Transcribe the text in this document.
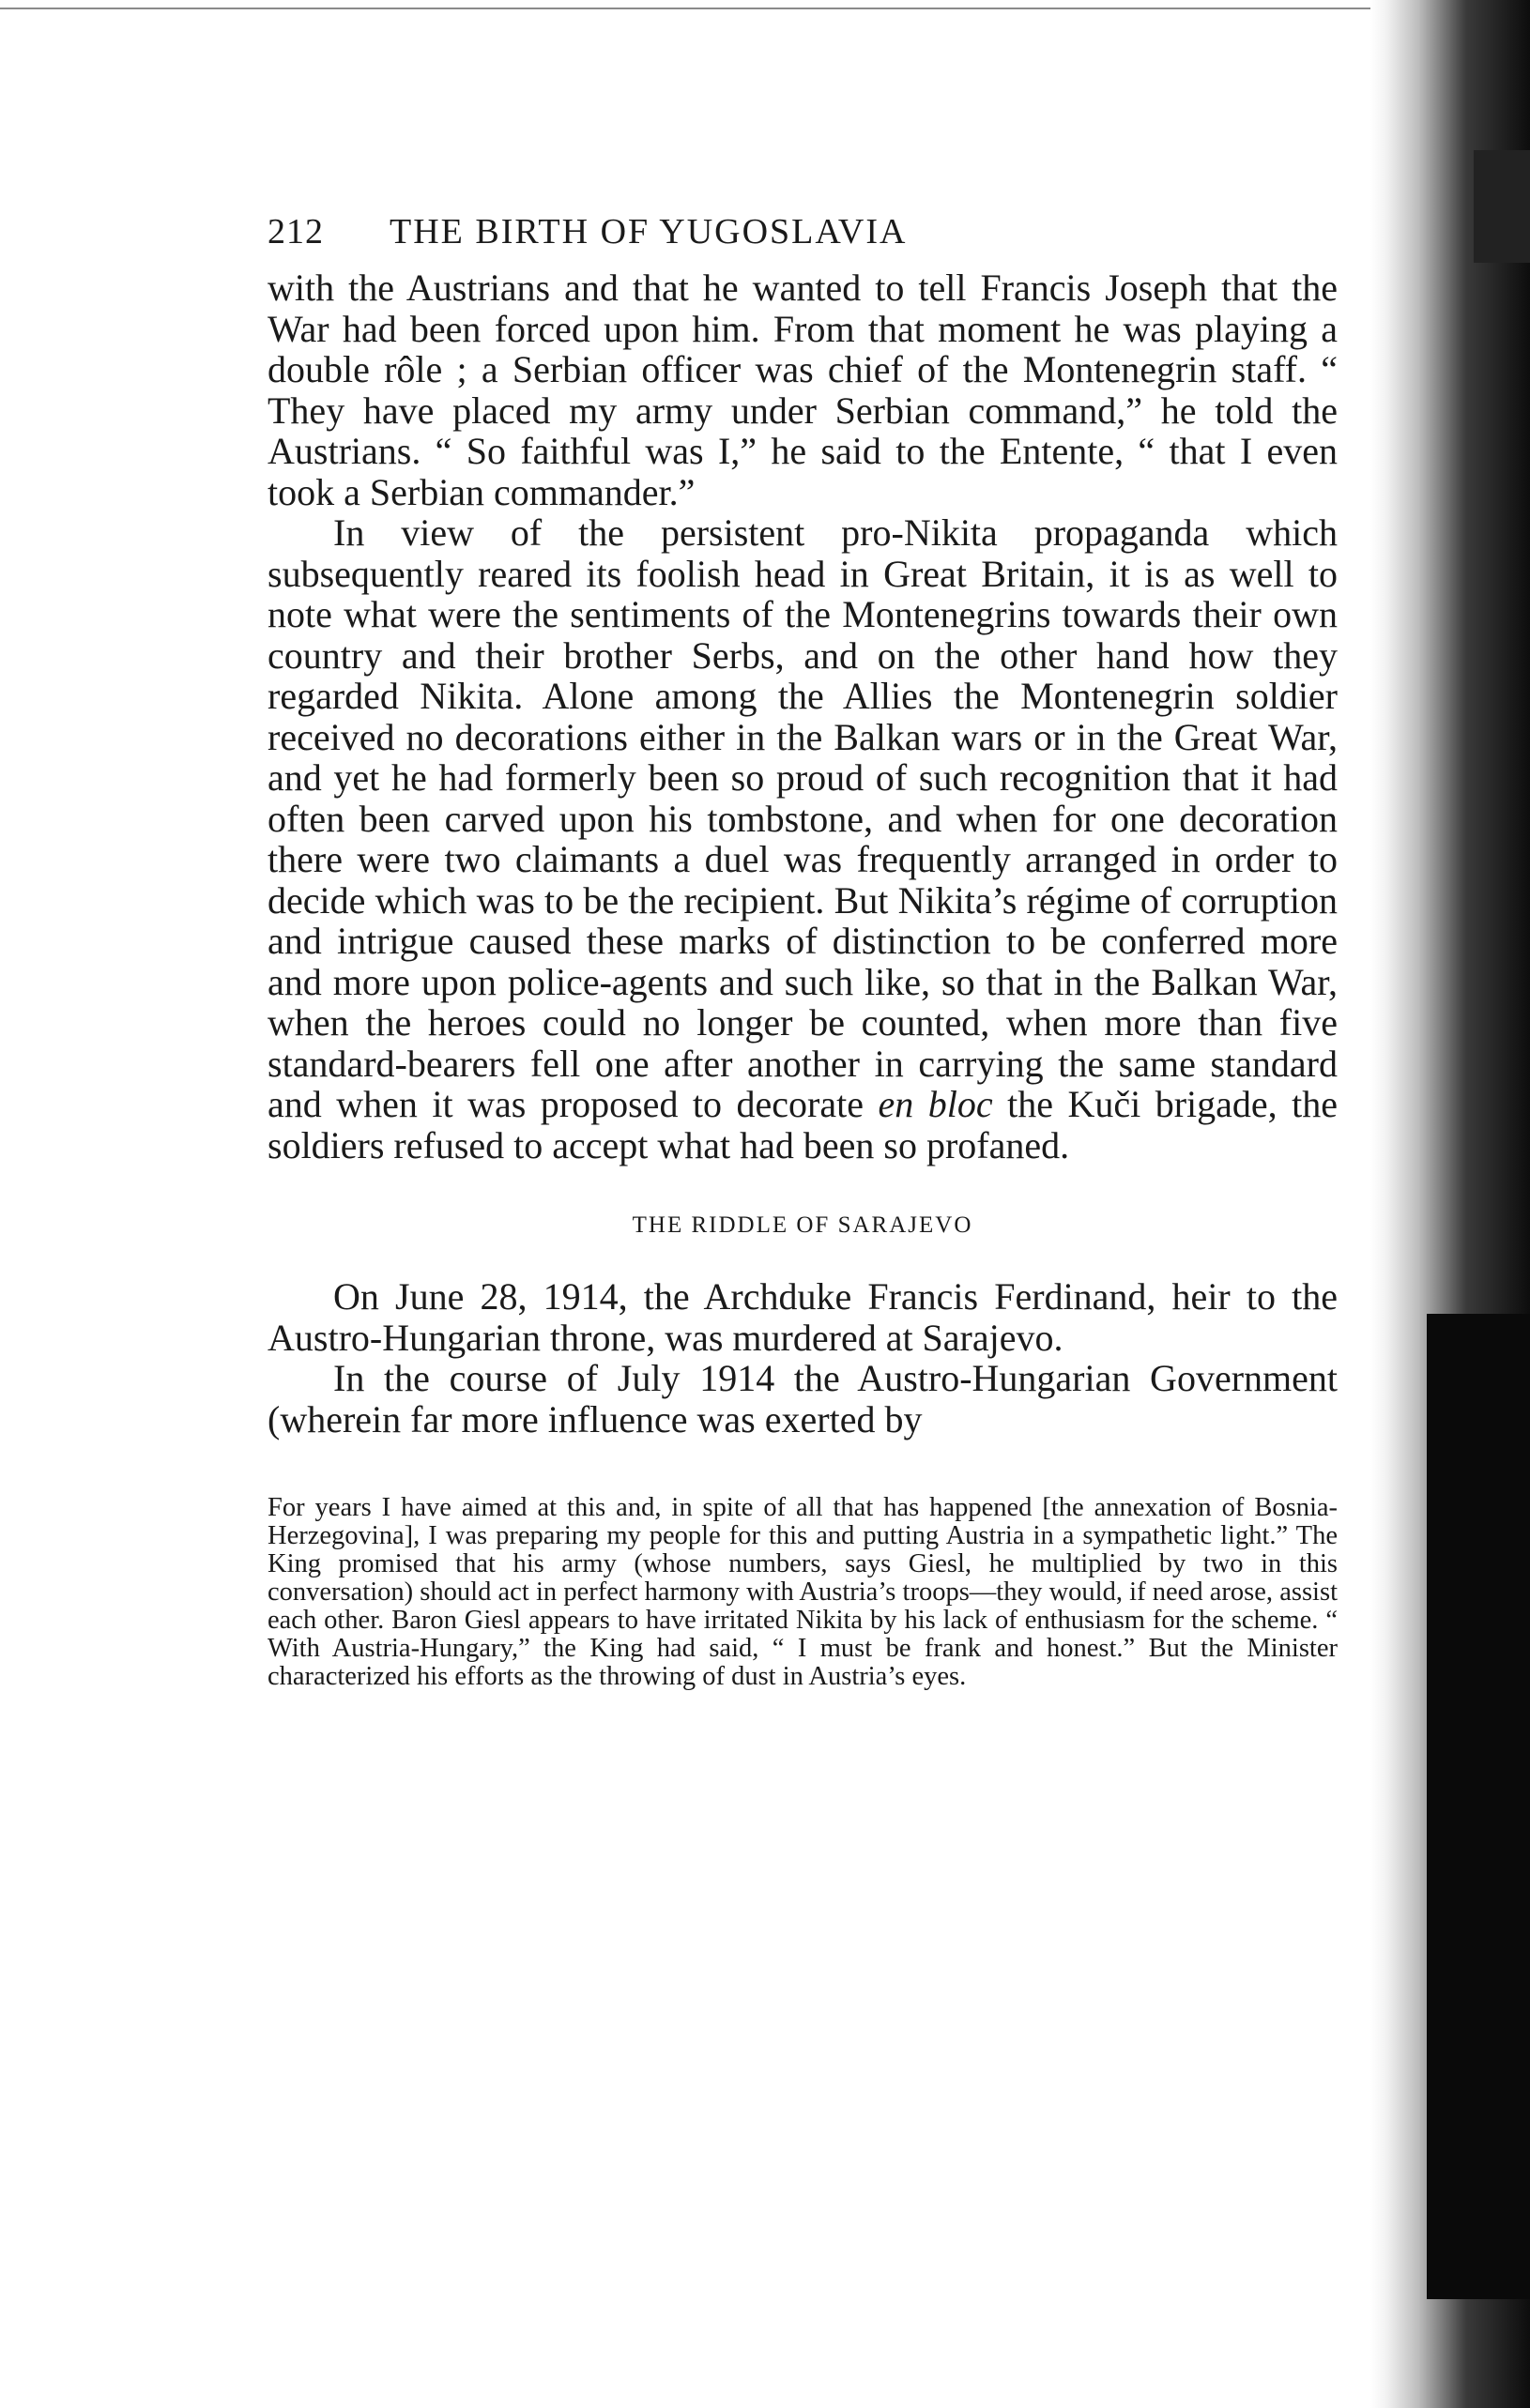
212	THE BIRTH OF YUGOSLAVIA

with the Austrians and that he wanted to tell Francis Joseph that the War had been forced upon him. From that moment he was playing a double rôle ; a Serbian officer was chief of the Montenegrin staff. “ They have placed my army under Serbian command,” he told the Austrians. “ So faithful was I,” he said to the Entente, “ that I even took a Serbian commander.”

In view of the persistent pro-Nikita propaganda which subsequently reared its foolish head in Great Britain, it is as well to note what were the sentiments of the Montenegrins towards their own country and their brother Serbs, and on the other hand how they regarded Nikita. Alone among the Allies the Montenegrin soldier received no decorations either in the Balkan wars or in the Great War, and yet he had formerly been so proud of such recognition that it had often been carved upon his tombstone, and when for one decoration there were two claimants a duel was frequently arranged in order to decide which was to be the recipient. But Nikita’s régime of corruption and intrigue caused these marks of distinction to be conferred more and more upon police-agents and such like, so that in the Balkan War, when the heroes could no longer be counted, when more than five standard-bearers fell one after another in carrying the same standard and when it was proposed to decorate en bloc the Kuči brigade, the soldiers refused to accept what had been so profaned.

THE RIDDLE OF SARAJEVO

On June 28, 1914, the Archduke Francis Ferdinand, heir to the Austro-Hungarian throne, was murdered at Sarajevo.

In the course of July 1914 the Austro-Hungarian Government (wherein far more influence was exerted by

For years I have aimed at this and, in spite of all that has happened [the annexation of Bosnia-Herzegovina], I was preparing my people for this and putting Austria in a sympathetic light.” The King promised that his army (whose numbers, says Giesl, he multiplied by two in this conversation) should act in perfect harmony with Austria’s troops—they would, if need arose, assist each other. Baron Giesl appears to have irritated Nikita by his lack of enthusiasm for the scheme. “ With Austria-Hungary,” the King had said, “ I must be frank and honest.” But the Minister characterized his efforts as the throwing of dust in Austria’s eyes.
